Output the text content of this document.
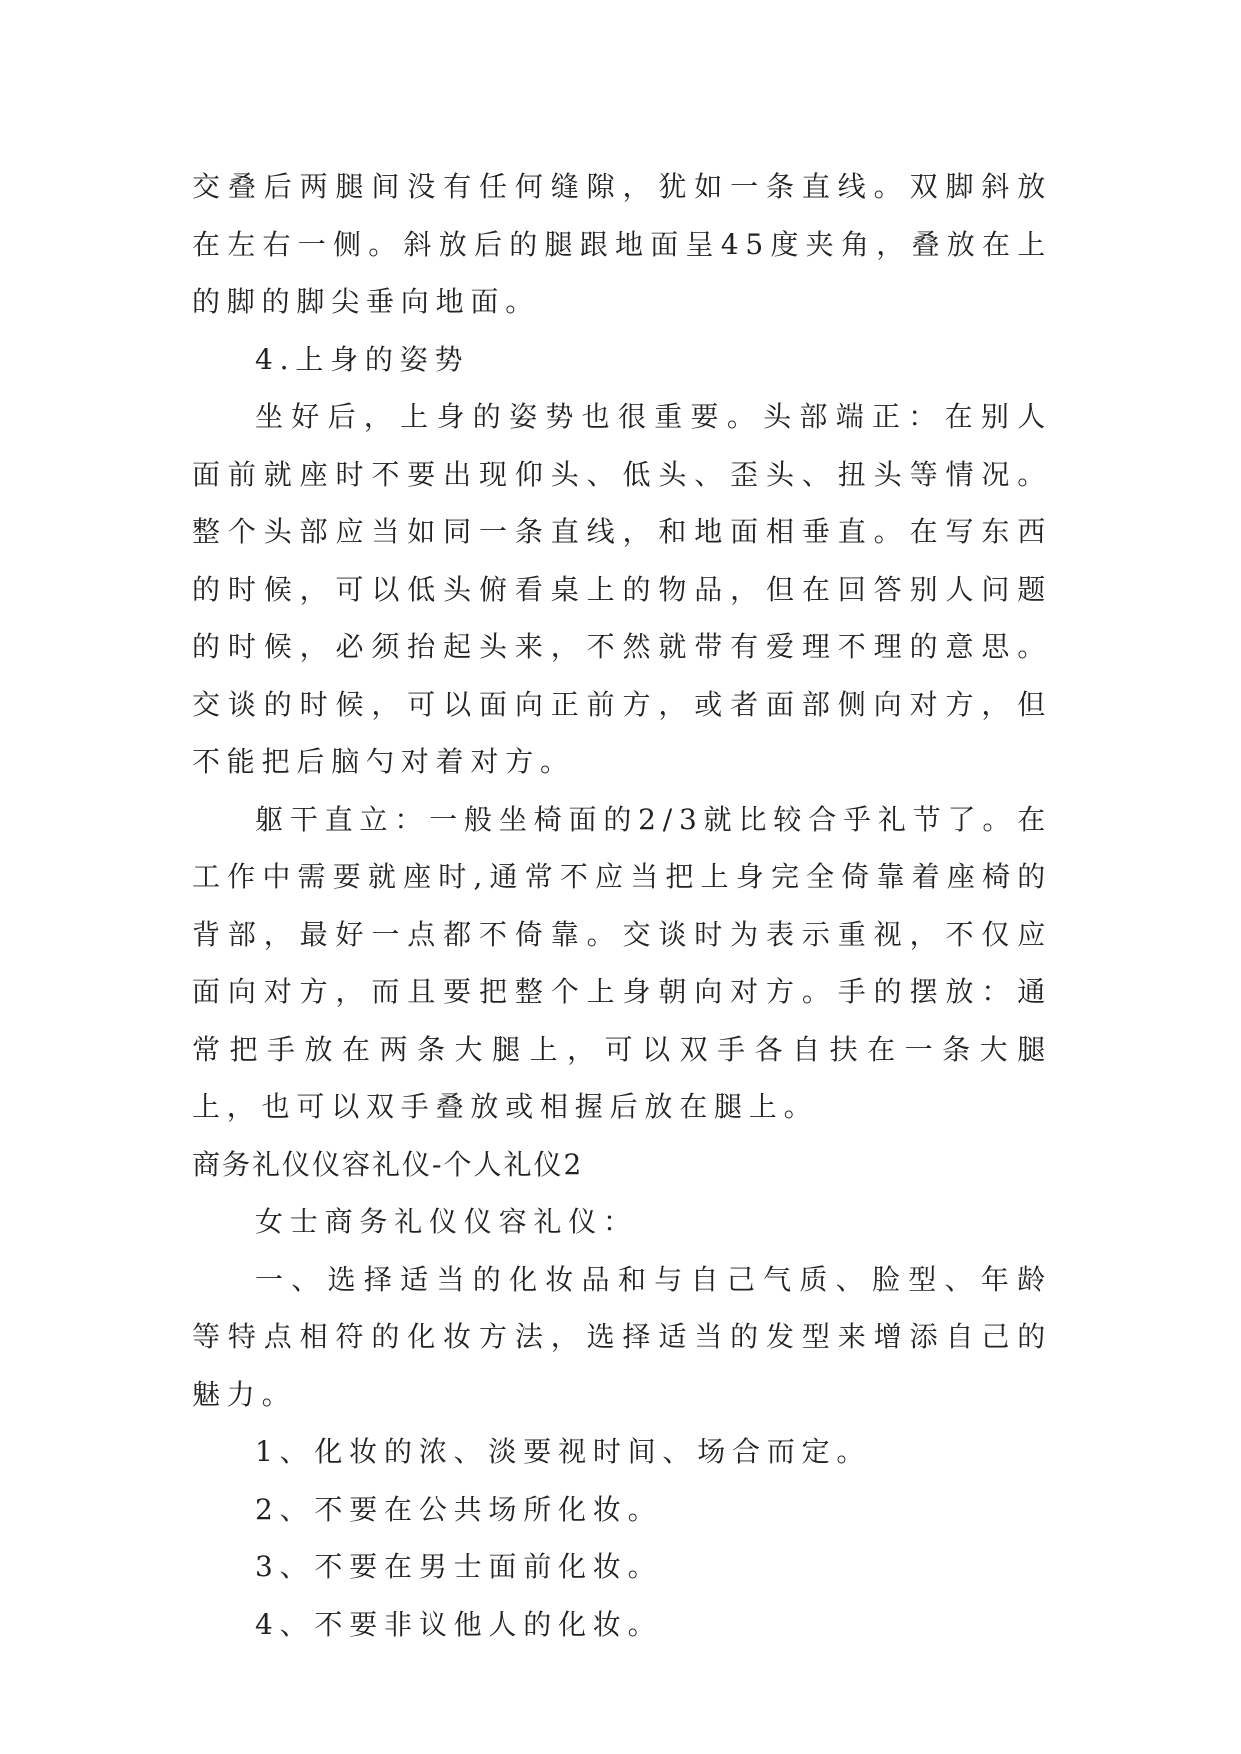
交叠后两腿间没有任何缝隙，犹如一条直线。双脚斜放在左右一侧。斜放后的腿跟地面呈45度夹角，叠放在上的脚的脚尖垂向地面。

4.上身的姿势

坐好后，上身的姿势也很重要。头部端正：在别人面前就座时不要出现仰头、低头、歪头、扭头等情况。整个头部应当如同一条直线，和地面相垂直。在写东西的时候，可以低头俯看桌上的物品，但在回答别人问题的时候，必须抬起头来，不然就带有爱理不理的意思。交谈的时候，可以面向正前方，或者面部侧向对方，但不能把后脑勺对着对方。

躯干直立：一般坐椅面的2/3就比较合乎礼节了。在工作中需要就座时,通常不应当把上身完全倚靠着座椅的背部，最好一点都不倚靠。交谈时为表示重视，不仅应面向对方，而且要把整个上身朝向对方。手的摆放：通常把手放在两条大腿上，可以双手各自扶在一条大腿上，也可以双手叠放或相握后放在腿上。

商务礼仪仪容礼仪-个人礼仪2

女士商务礼仪仪容礼仪：

一、选择适当的化妆品和与自己气质、脸型、年龄等特点相符的化妆方法，选择适当的发型来增添自己的魅力。

1、化妆的浓、淡要视时间、场合而定。

2、不要在公共场所化妆。

3、不要在男士面前化妆。

4、不要非议他人的化妆。
